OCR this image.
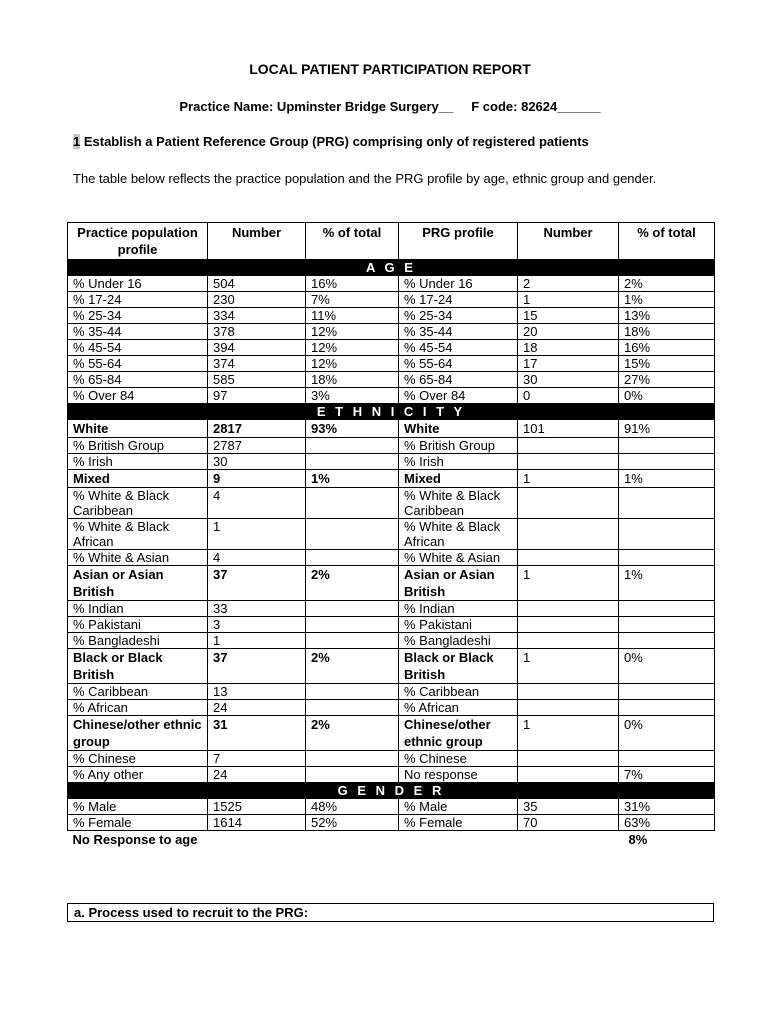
LOCAL PATIENT PARTICIPATION REPORT
Practice Name: Upminster Bridge Surgery__     F code: 82624______
1 Establish a Patient Reference Group (PRG) comprising only of registered patients
The table below reflects the practice population and the PRG profile by age, ethnic group and gender.
Practice population profile	Number	% of total	PRG profile	Number	% of total
A G E					
% Under 16	504	16%	% Under 16	2	2%
% 17-24	230	7%	% 17-24	1	1%
% 25-34	334	11%	% 25-34	15	13%
% 35-44	378	12%	% 35-44	20	18%
% 45-54	394	12%	% 45-54	18	16%
% 55-64	374	12%	% 55-64	17	15%
% 65-84	585	18%	% 65-84	30	27%
% Over 84	97	3%	% Over 84	0	0%
E T H N I C I T Y					
White	2817	93%	White	101	91%
% British Group	2787		% British Group		
% Irish	30		% Irish		
Mixed	9	1%	Mixed	1	1%
% White & Black Caribbean	4		% White & Black Caribbean		
% White & Black African	1		% White & Black African		
% White & Asian	4		% White & Asian		
Asian or Asian British	37	2%	Asian or Asian British	1	1%
% Indian	33		% Indian		
% Pakistani	3		% Pakistani		
% Bangladeshi	1		% Bangladeshi		
Black or Black British	37	2%	Black or Black British	1	0%
% Caribbean	13		% Caribbean		
% African	24		% African		
Chinese/other ethnic group	31	2%	Chinese/other ethnic group	1	0%
% Chinese	7		% Chinese		
% Any other	24		No response		7%
G E N D E R					
% Male	1525	48%	% Male	35	31%
% Female	1614	52%	% Female	70	63%
No Response to age					8%
a. Process used to recruit to the PRG:
